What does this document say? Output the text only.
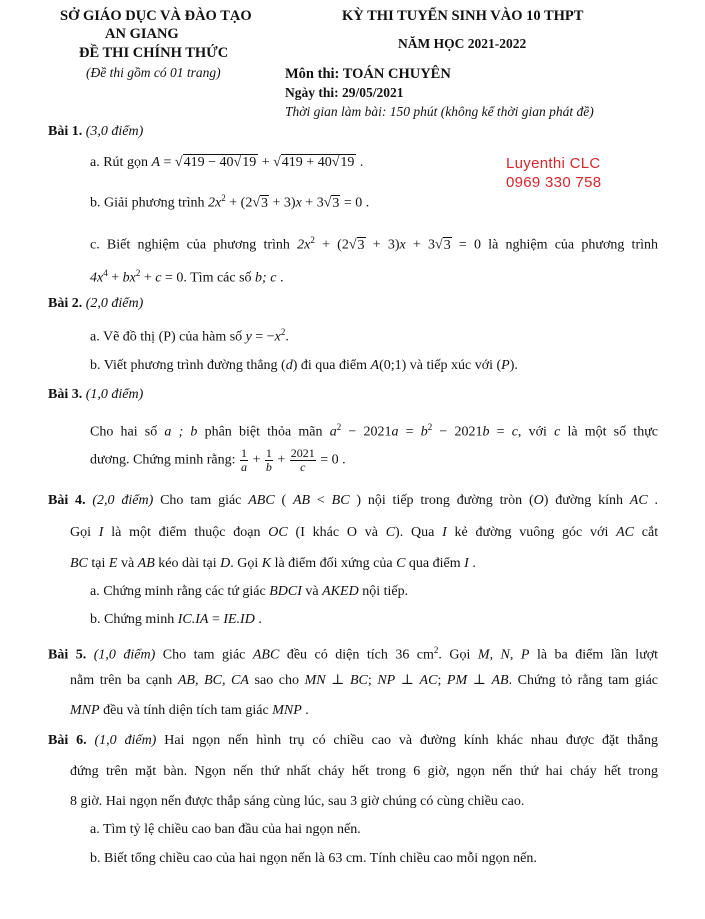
SỞ GIÁO DỤC VÀ ĐÀO TẠO
AN GIANG
ĐỀ THI CHÍNH THỨC
(Đề thi gồm có 01 trang)
KỲ THI TUYỂN SINH VÀO 10 THPT
NĂM HỌC 2021-2022
Môn thi: TOÁN CHUYÊN
Ngày thi: 29/05/2021
Thời gian làm bài: 150 phút (không kể thời gian phát đề)
Luyenthi CLC
0969 330 758
Bài 1. (3,0 điểm)
a. Rút gọn A = √419 − 40√19 + √419 + 40√19 .
b. Giải phương trình $2x^2 + (2√3 + 3)x + 3√3 = 0$ .
c. Biết nghiệm của phương trình $2x^2 + (2√3 + 3)x + 3√3 = 0$ là nghiệm của phương trình
$4x^4 + bx^2 + c = 0$. Tìm các số b; c .
Bài 2. (2,0 điểm)
a. Vẽ đồ thị (P) của hàm số $y = -x^2$.
b. Viết phương trình đường thẳng (d) đi qua điểm A(0;1) và tiếp xúc với (P).
Bài 3. (1,0 điểm)
Cho hai số a ; b phân biệt thỏa mãn $a^2 - 2021a = b^2 - 2021b = c$, với c là một số thực
dương. Chứng minh rằng: $\frac{1}{a} + \frac{1}{b} + \frac{2021}{c} = 0$ .
Bài 4. (2,0 điểm) Cho tam giác ABC ( AB < BC ) nội tiếp trong đường tròn (O) đường kính AC .
Gọi I là một điểm thuộc đoạn OC (I khác O và C). Qua I kẻ đường vuông góc với AC cắt
BC tại E và AB kéo dài tại D. Gọi K là điểm đối xứng của C qua điểm I .
a. Chứng minh rằng các tứ giác BDCI và AKED nội tiếp.
b. Chứng minh IC.IA = IE.ID .
Bài 5. (1,0 điểm) Cho tam giác ABC đều có diện tích 36 $cm^2$. Gọi M, N, P là ba điểm lần lượt
nằm trên ba cạnh AB, BC, CA sao cho MN ⊥ BC; NP ⊥ AC; PM ⊥ AB. Chứng tỏ rằng tam giác
MNP đều và tính diện tích tam giác MNP .
Bài 6. (1,0 điểm) Hai ngọn nến hình trụ có chiều cao và đường kính khác nhau được đặt thẳng
đứng trên mặt bàn. Ngọn nến thứ nhất cháy hết trong 6 giờ, ngọn nến thứ hai cháy hết trong
8 giờ. Hai ngọn nến được thắp sáng cùng lúc, sau 3 giờ chúng có cùng chiều cao.
a. Tìm tỷ lệ chiều cao ban đầu của hai ngọn nến.
b. Biết tổng chiều cao của hai ngọn nến là 63 cm. Tính chiều cao mỗi ngọn nến.
